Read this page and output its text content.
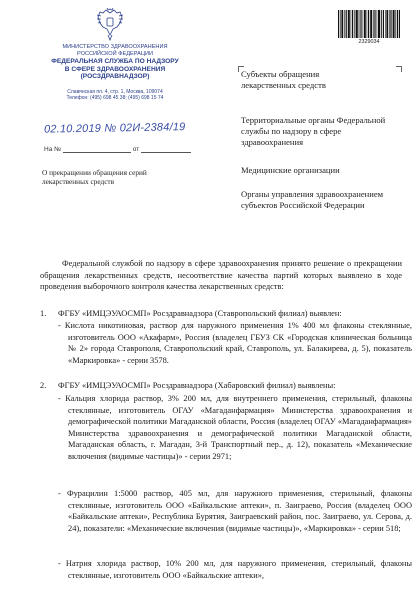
МИНИСТЕРСТВО ЗДРАВООХРАНЕНИЯ
РОССИЙСКОЙ ФЕДЕРАЦИИ
ФЕДЕРАЛЬНАЯ СЛУЖБА ПО НАДЗОРУ
В СФЕРЕ ЗДРАВООХРАНЕНИЯ
(РОСЗДРАВНАДЗОР)
Славянская пл. 4, стр. 1, Москва, 109074
Телефон: (495) 698 45 38; (495) 698 15 74
02.10.2019 № 02И-2384/19
На №	от
О прекращении обращения серий лекарственных средств
2329034
Субъекты обращения лекарственных средств
Территориальные органы Федеральной службы по надзору в сфере здравоохранения
Медицинские организации
Органы управления здравоохранением субъектов Российской Федерации
Федеральной службой по надзору в сфере здравоохранения принято решение о прекращении обращения лекарственных средств, несоответствие качества партий которых выявлено в ходе проведения выборочного контроля качества лекарственных средств:
1. ФГБУ «ИМЦЭУАОСМП» Росздравнадзора (Ставропольский филиал) выявлен:
- Кислота никотиновая, раствор для наружного применения 1% 400 мл флаконы стеклянные, изготовитель ООО «Акафарм», Россия (владелец ГБУЗ СК «Городская клиническая больница № 2» города Ставрополя, Ставропольский край, Ставрополь, ул. Балакирева, д. 5), показатель «Маркировка» - серии 3578.
2. ФГБУ «ИМЦЭУАОСМП» Росздравнадзора (Хабаровский филиал) выявлены:
- Кальция хлорида раствор, 3% 200 мл, для внутреннего применения, стерильный, флаконы стеклянные, изготовитель ОГАУ «Магаданфармация» Министерства здравоохранения и демографической политики Магаданской области, Россия (владелец ОГАУ «Магаданфармация» Министерства здравоохранения и демографической политики Магаданской области, Магаданская область, г. Магадан, 3-й Транспортный пер., д. 12), показатель «Механические включения (видимые частицы)» - серии 2971;
- Фурацилин 1:5000 раствор, 405 мл, для наружного применения, стерильный, флаконы стеклянные, изготовитель ООО «Байкальские аптеки», п. Заиграево, Россия (владелец ООО «Байкальские аптеки», Республика Бурятия, Заиграевский район, пос. Заиграево, ул. Серова, д. 24), показатели: «Механические включения (видимые частицы)», «Маркировка» - серии 518;
- Натрия хлорида раствор, 10% 200 мл, для наружного применения, стерильный, флаконы стеклянные, изготовитель ООО «Байкальские аптеки»,
